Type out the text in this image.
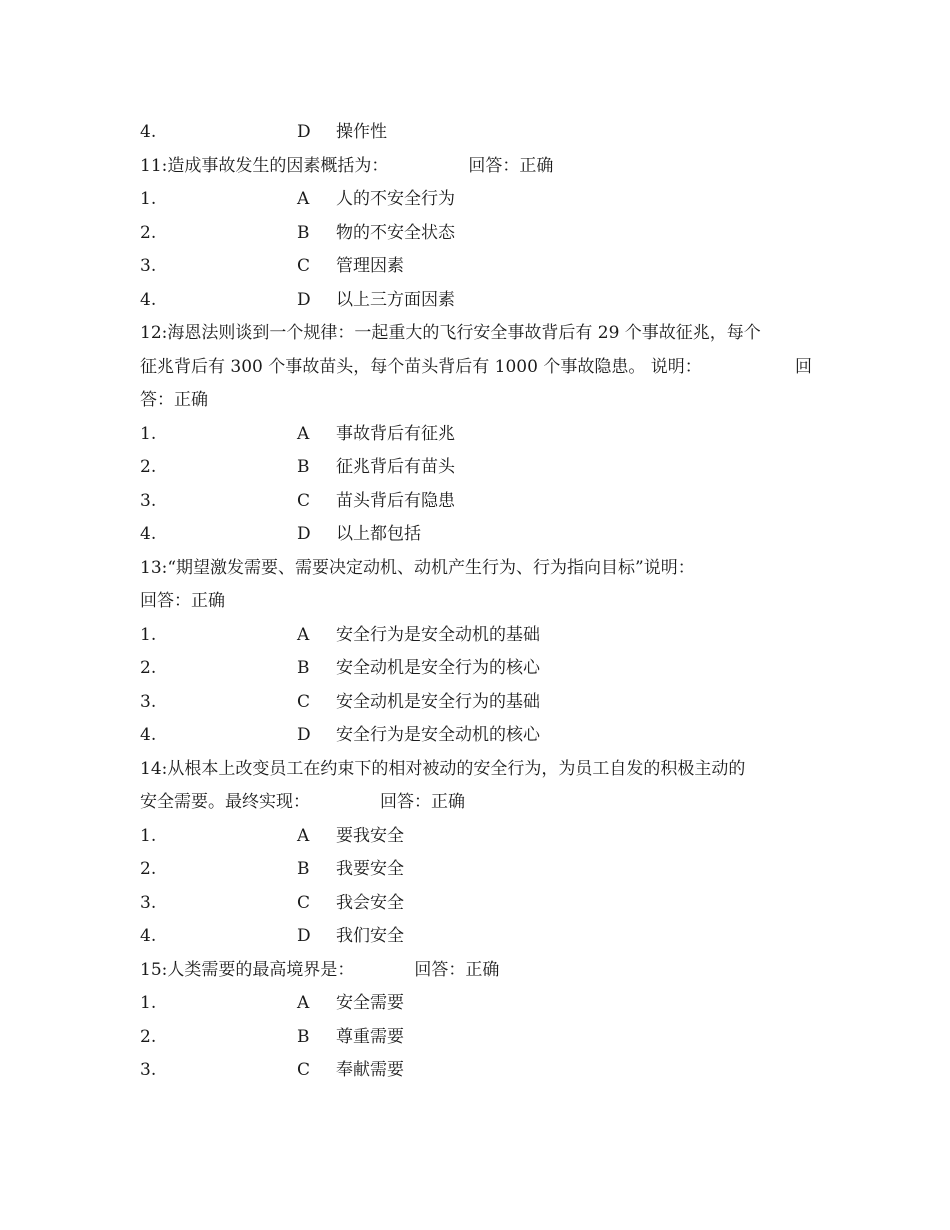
4.	D 操作性
11:造成事故发生的因素概括为：	回答：正确
1.	A 人的不安全行为
2.	B 物的不安全状态
3.	C 管理因素
4.	D 以上三方面因素
12:海恩法则谈到一个规律：一起重大的飞行安全事故背后有 29 个事故征兆，每个
征兆背后有 300 个事故苗头，每个苗头背后有 1000 个事故隐患。 说明：	回
答：正确
1.	A 事故背后有征兆
2.	B 征兆背后有苗头
3.	C 苗头背后有隐患
4.	D 以上都包括
13:“期望激发需要、需要决定动机、动机产生行为、行为指向目标”说明：
回答：正确
1.	A 安全行为是安全动机的基础
2.	B 安全动机是安全行为的核心
3.	C 安全动机是安全行为的基础
4.	D 安全行为是安全动机的核心
14:从根本上改变员工在约束下的相对被动的安全行为，为员工自发的积极主动的
安全需要。最终实现：	回答：正确
1.	A 要我安全
2.	B 我要安全
3.	C 我会安全
4.	D 我们安全
15:人类需要的最高境界是：	回答：正确
1.	A 安全需要
2.	B 尊重需要
3.	C 奉献需要
